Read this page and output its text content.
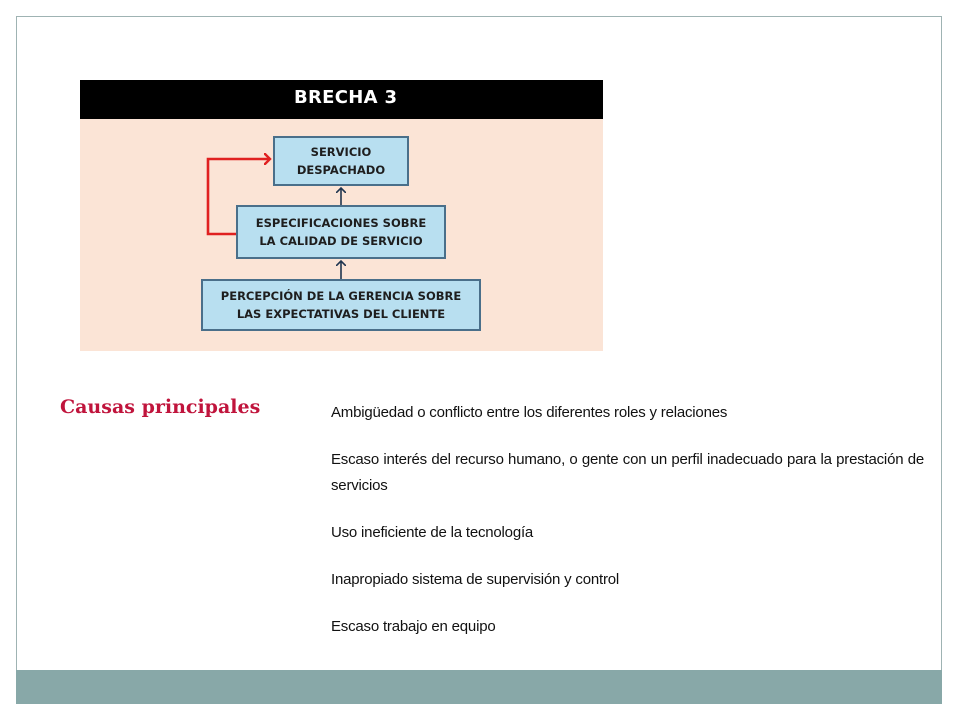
BRECHA 3
SERVICIO
DESPACHADO
ESPECIFICACIONES SOBRE
LA CALIDAD DE SERVICIO
PERCEPCIÓN DE LA GERENCIA SOBRE
LAS EXPECTATIVAS DEL CLIENTE
Causas principales	Ambigüedad o conflicto entre los diferentes roles y relaciones
Escaso interés del recurso humano, o gente con un perfil inadecuado para la prestación de servicios
Uso ineficiente de la tecnología
Inapropiado sistema de supervisión y control
Escaso trabajo en equipo
